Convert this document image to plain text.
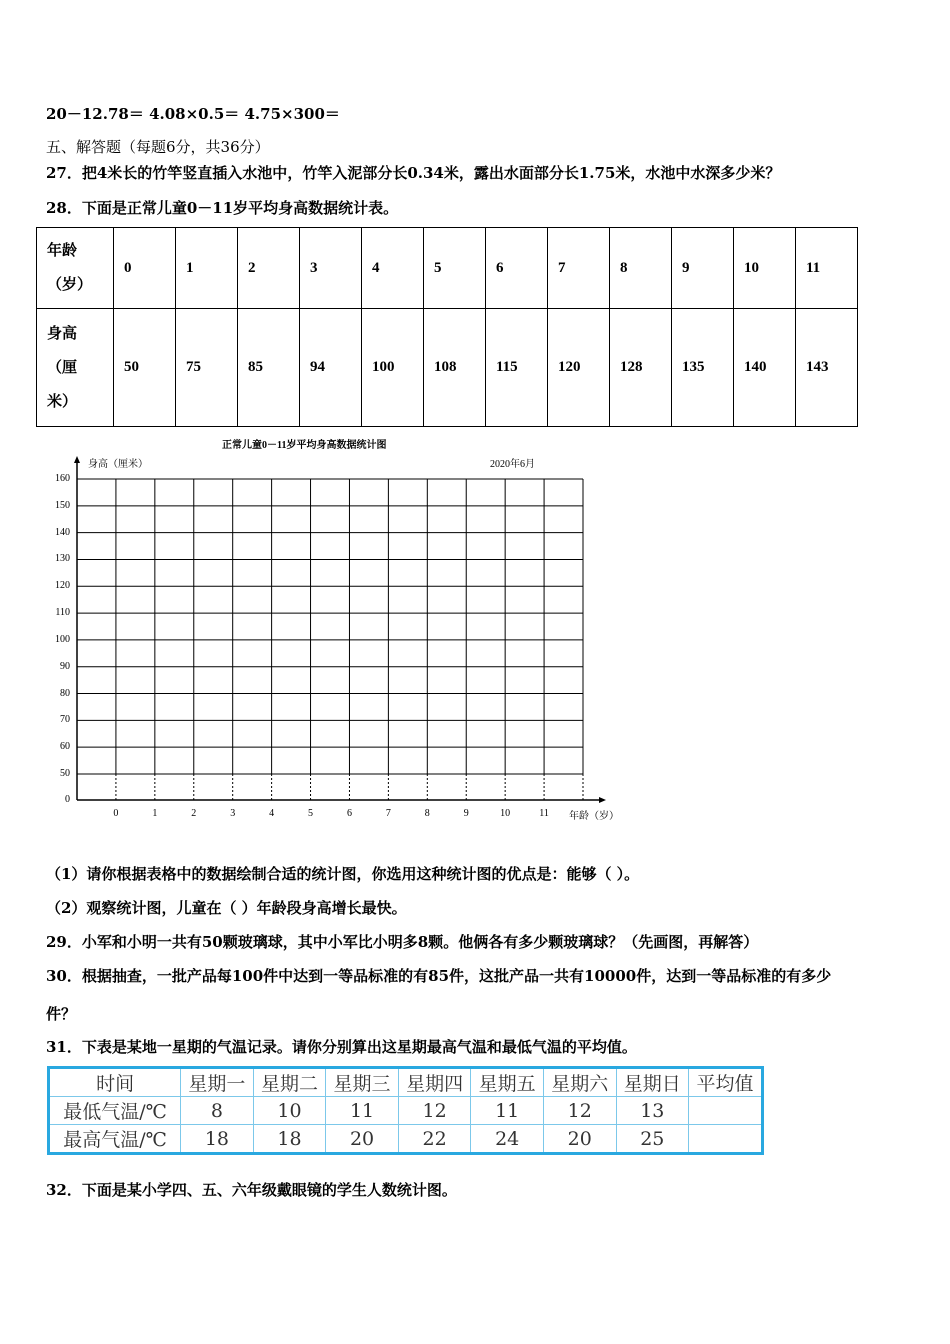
20－12.78＝ 4.08×0.5＝ 4.75×300＝
五、解答题（每题6分，共36分）
27．把4米长的竹竿竖直插入水池中，竹竿入泥部分长0.34米，露出水面部分长1.75米，水池中水深多少米？
28．下面是正常儿童0－11岁平均身高数据统计表。
年龄
（岁）	0	1	2	3	4	5	6	7	8	9	10	11

身高
（厘
米）	50	75	85	94	100	108	115	120	128	135	140	143
正常儿童0－11岁平均身高数据统计图
身高（厘米）	2020年6月
年龄（岁）
160
150
140
130
120
110
100
90
80
70
60
50
0
0	1	2	3	4	5	6	7	8	9	10	11
（1）请你根据表格中的数据绘制合适的统计图，你选用这种统计图的优点是：能够（ ）。
（2）观察统计图，儿童在（ ）年龄段身高增长最快。
29．小军和小明一共有50颗玻璃球，其中小军比小明多8颗。他俩各有多少颗玻璃球？（先画图，再解答）
30．根据抽查，一批产品每100件中达到一等品标准的有85件，这批产品一共有10000件，达到一等品标准的有多少
件？
31．下表是某地一星期的气温记录。请你分别算出这星期最高气温和最低气温的平均值。
时间	星期一	星期二	星期三	星期四	星期五	星期六	星期日	平均值
最低气温/℃	8	10	11	12	11	12	13	
最高气温/℃	18	18	20	22	24	20	25	
32．下面是某小学四、五、六年级戴眼镜的学生人数统计图。
